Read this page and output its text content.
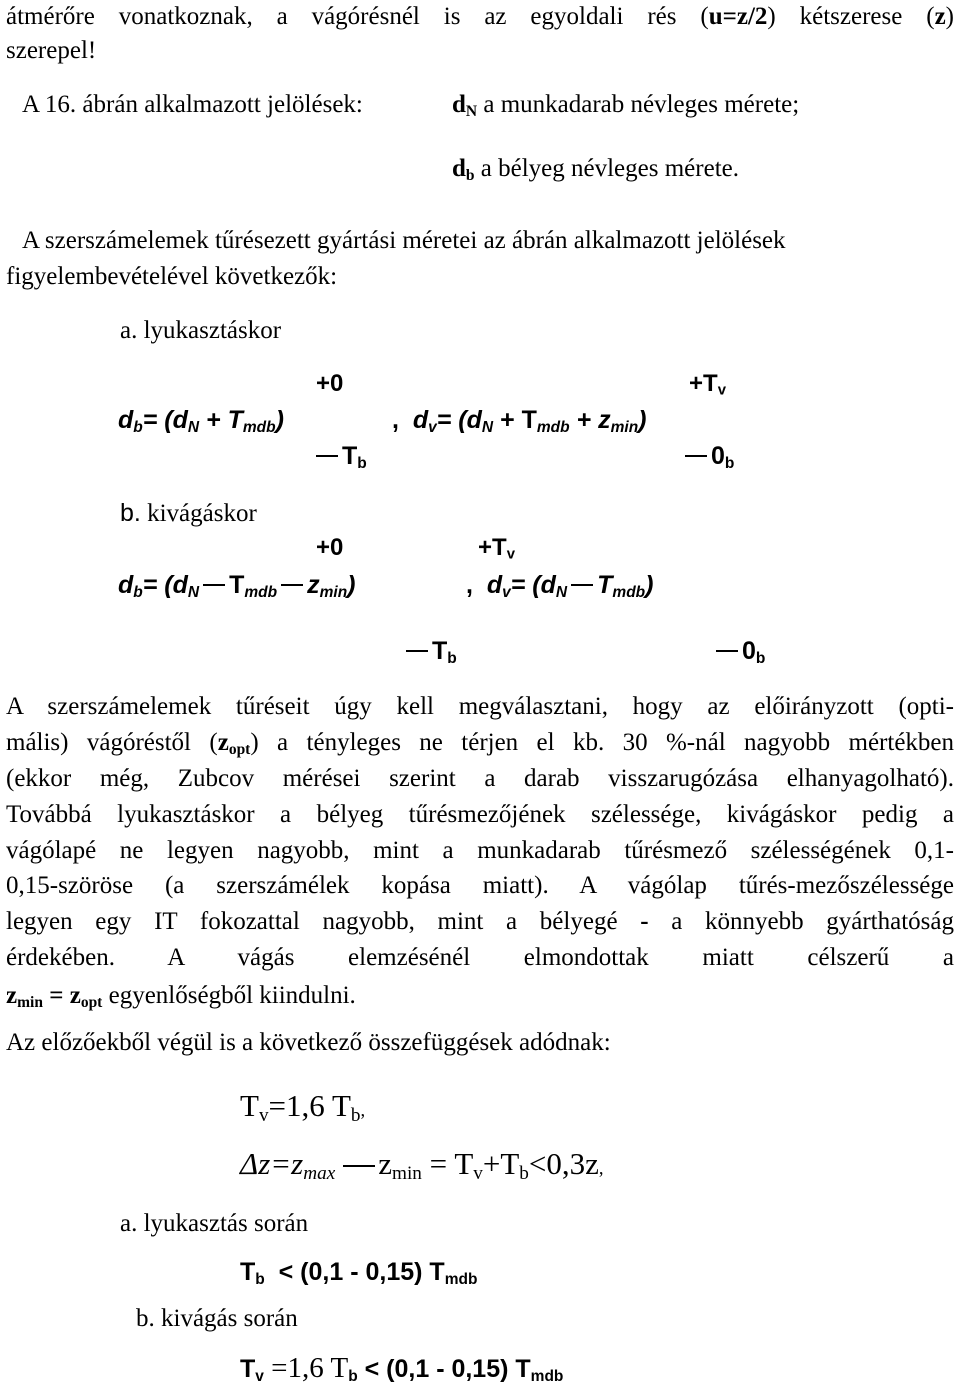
átmérőre vonatkoznak, a vágórésnél is az egyoldali rés (u=z/2) kétszerese (z)
szerepel!
A 16. ábrán alkalmazott jelölések:	$d_N$ a munkadarab névleges mérete;
$d_b$ a bélyeg névleges mérete.
A szerszámelemek tűrésezett gyártási méretei az ábrán alkalmazott jelölések
figyelembevételével következők:
a. lyukasztáskor
+0	$+T_v$
$d_b= (d_N + T_{mdb})$	, $d_v= (d_N + T_{mdb} + z_{min})$
$T_b$	$0_b$
b. kivágáskor
+0	$+T_v$
$d_b= (d_N$ $T_{mdb}$ $z_{min}$)	, $d_v= (d_N$ $T_{mdb}$)
$T_b$	$0_b$
A szerszámelemek tűréseit úgy kell megválasztani, hogy az előirányzott (opti-
mális) vágóréstől $(z_{opt})$ a tényleges ne térjen el kb. 30 %-nál nagyobb mértékben
(ekkor még, Zubcov mérései szerint a darab visszarugózása elhanyagolható).
Továbbá lyukasztáskor a bélyeg tűrésmezőjének szélessége, kivágáskor pedig a
vágólapé ne legyen nagyobb, mint a munkadarab tűrésmező szélességének 0,1-
0,15-szöröse (a szerszámélek kopása miatt). A vágólap tűrés-mezőszélessége
legyen egy IT fokozattal nagyobb, mint a bélyegé - a könnyebb gyárthatóság
érdekében. A vágás elemzésénél elmondottak miatt célszerű a
$z_{min} = z_{opt}$ egyenlőségből kiindulni.
Az előzőekből végül is a következő összefüggések adódnak:
$T_v=1,6$ $T_b$,
$\Delta z=z_{max}$ $z_{min} = T_v+T_b<0,3z$,
a. lyukasztás során
$T_b < (0,1 - 0,15)$ $T_{mdb}$
b. kivágás során
$T_v =1,6$ $T_b < (0,1 - 0,15)$ $T_{mdb}$
